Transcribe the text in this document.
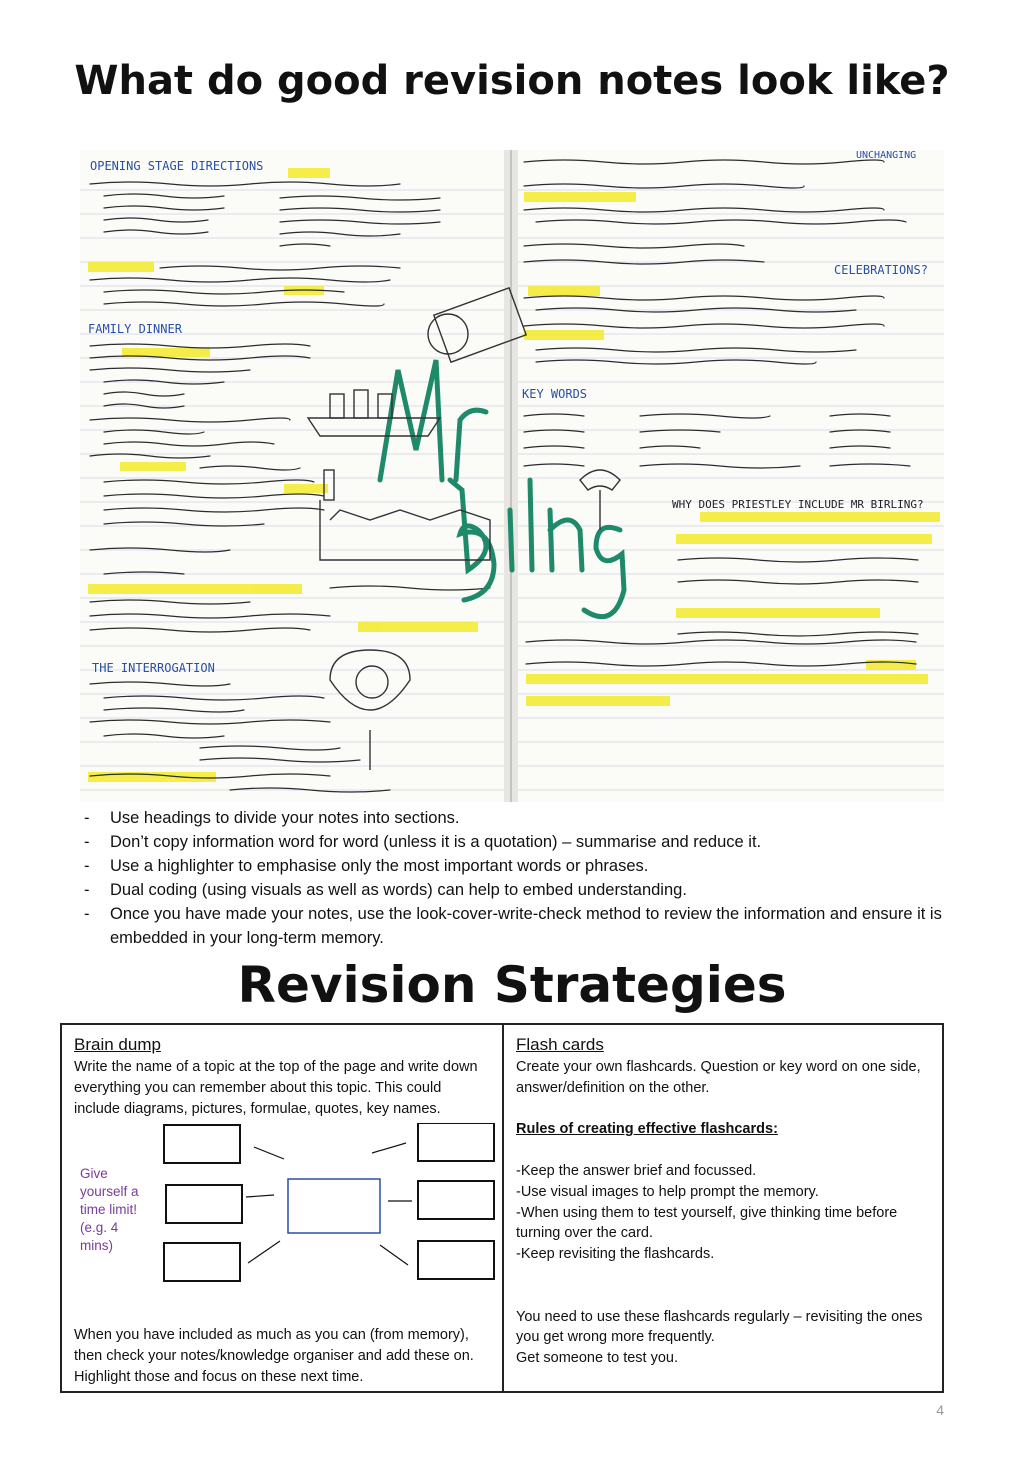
What do good revision notes look like?
OPENING STAGE DIRECTIONS
FAMILY DINNER
THE INTERROGATION
UNCHANGING
CELEBRATIONS?
KEY WORDS
WHY DOES PRIESTLEY INCLUDE MR BIRLING?
- Use headings to divide your notes into sections.
- Don’t copy information word for word (unless it is a quotation) – summarise and reduce it.
- Use a highlighter to emphasise only the most important words or phrases.
- Dual coding (using visuals as well as words) can help to embed understanding.
- Once you have made your notes, use the look-cover-write-check method to review the information and ensure it is embedded in your long-term memory.
Revision Strategies
Brain dump
Write the name of a topic at the top of the page and write down everything you can remember about this topic. This could include diagrams, pictures, formulae, quotes, key names.
Give yourself a time limit! (e.g. 4 mins)
When you have included as much as you can (from memory), then check your notes/knowledge organiser and add these on. Highlight those and focus on these next time.
Flash cards
Create your own flashcards. Question or key word on one side, answer/definition on the other.
Rules of creating effective flashcards:
-Keep the answer brief and focussed.
-Use visual images to help prompt the memory.
-When using them to test yourself, give thinking time before turning over the card.
-Keep revisiting the flashcards.
You need to use these flashcards regularly – revisiting the ones you get wrong more frequently.
Get someone to test you.
4
